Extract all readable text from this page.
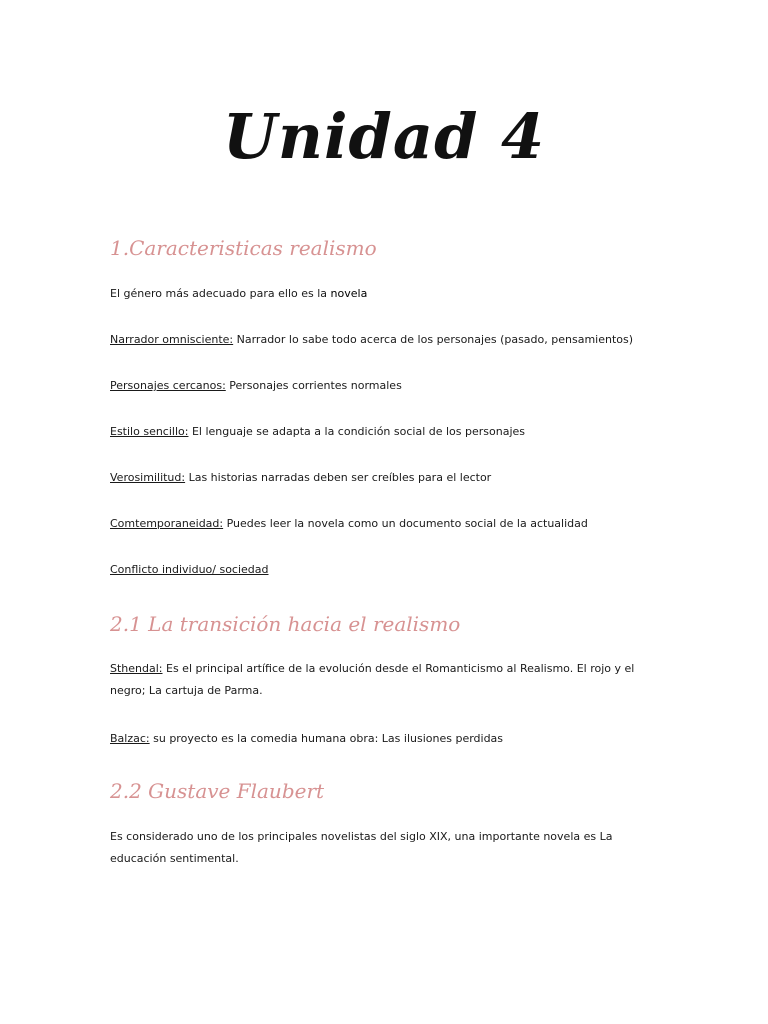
Unidad 4
1.Caracteristicas realismo
El género más adecuado para ello es la novela
Narrador omnisciente: Narrador lo sabe todo acerca de los personajes (pasado, pensamientos)
Personajes cercanos: Personajes corrientes normales
Estilo sencillo: El lenguaje se adapta a la condición social de los personajes
Verosimilitud: Las historias narradas deben ser creíbles para el lector
Comtemporaneidad: Puedes leer la novela como un documento social de la actualidad
Conflicto individuo/ sociedad
2.1 La transición hacia el realismo
Sthendal: Es el principal artífice de la evolución desde el Romanticismo al Realismo. El rojo y el negro; La cartuja de Parma.
Balzac: su proyecto es la comedia humana obra: Las ilusiones perdidas
2.2 Gustave Flaubert
Es considerado uno de los principales novelistas del siglo XIX, una importante novela es La educación sentimental.
